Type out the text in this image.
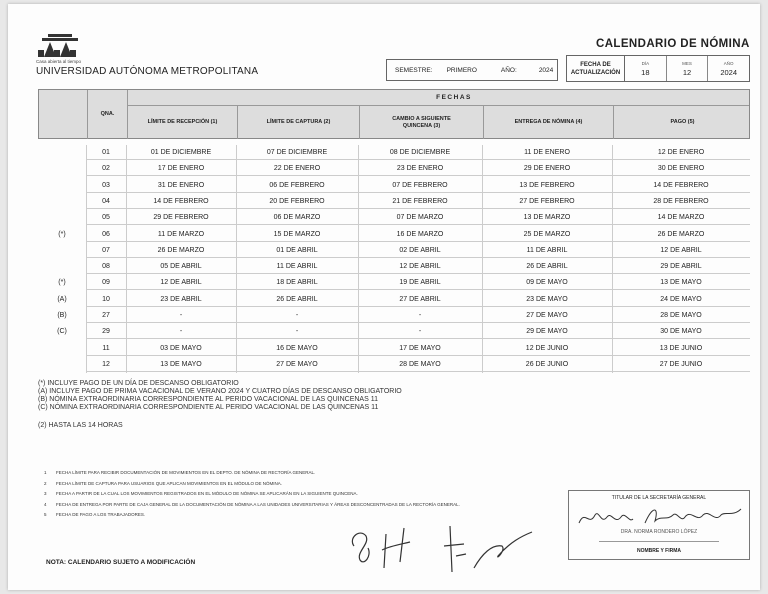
Casa abierta al tiempo
UNIVERSIDAD AUTÓNOMA METROPOLITANA
CALENDARIO DE NÓMINA
SEMESTRE: PRIMERO	AÑO:	2024
FECHA DE
ACTUALIZACIÓN
DÍA
18
MES
12
AÑO
2024
FECHAS
QNA.
LÍMITE DE RECEPCIÓN (1)	LÍMITE DE CAPTURA (2)
CAMBIO A SIGUIENTE QUINCENA (3)
ENTREGA DE NÓMINA (4)	PAGO (5)
01	01 DE DICIEMBRE	07 DE DICIEMBRE	08 DE DICIEMBRE	11 DE ENERO	12 DE ENERO
02	17 DE ENERO	22 DE ENERO	23 DE ENERO	29 DE ENERO	30 DE ENERO
03	31 DE ENERO	06 DE FEBRERO	07 DE FEBRERO	13 DE FEBRERO	14 DE FEBRERO
04	14 DE FEBRERO	20 DE FEBRERO	21 DE FEBRERO	27 DE FEBRERO	28 DE FEBRERO
05	29 DE FEBRERO	06 DE MARZO	07 DE MARZO	13 DE MARZO	14 DE MARZO
(*)	06	11 DE MARZO	15 DE MARZO	16 DE MARZO	25 DE MARZO	26 DE MARZO
07	26 DE MARZO	01 DE ABRIL	02 DE ABRIL	11 DE ABRIL	12 DE ABRIL
08	05 DE ABRIL	11 DE ABRIL	12 DE ABRIL	26 DE ABRIL	29 DE ABRIL
(*)	09	12 DE ABRIL	18 DE ABRIL	19 DE ABRIL	09 DE MAYO	13 DE MAYO
(A)	10	23 DE ABRIL	26 DE ABRIL	27 DE ABRIL	23 DE MAYO	24 DE MAYO
(B)	27	-	-	-	27 DE MAYO	28 DE MAYO
(C)	29	-	-	-	29 DE MAYO	30 DE MAYO
11	03 DE MAYO	16 DE MAYO	17 DE MAYO	12 DE JUNIO	13 DE JUNIO
12	13 DE MAYO	27 DE MAYO	28 DE MAYO	26 DE JUNIO	27 DE JUNIO

(*) INCLUYE PAGO DE UN DÍA DE DESCANSO OBLIGATORIO

(A) INCLUYE PAGO DE PRIMA VACACIONAL DE VERANO 2024 Y CUATRO DÍAS DE DESCANSO OBLIGATORIO

(B) NÓMINA EXTRAORDINARIA CORRESPONDIENTE AL PERIDO VACACIONAL DE LAS QUINCENAS 11

(C) NÓMINA EXTRAORDINARIA CORRESPONDIENTE AL PERIDO VACACIONAL DE LAS QUINCENAS 11

(2) HASTA LAS 14 HORAS

1 FECHA LÍMITE PARA RECIBIR DOCUMENTACIÓN DE MOVIMIENTOS EN EL DEPTO. DE NÓMINA DE RECTORÍA GENERAL.
2 FECHA LÍMITE DE CAPTURA PARA USUARIOS QUE APLICAN MOVIMIENTOS EN EL MÓDULO DE NÓMINA.
3 FECHA A PARTIR DE LA CUAL LOS MOVIMIENTOS REGISTRADOS EN EL MÓDULO DE NÓMINA SE APLICARÁN EN LA SIGUIENTE QUINCENA.
4 FECHA DE ENTREGA POR PARTE DE CAJA GENERAL DE LA DOCUMENTACIÓN DE NÓMINA A LAS UNIDADES UNIVERSITARIAS Y ÁREAS DESCONCENTRADAS DE LA RECTORÍA GENERAL.
5 FECHA DE PAGO A LOS TRABAJADORES.
NOTA: CALENDARIO SUJETO A MODIFICACIÓN
TITULAR DE LA SECRETARÍA GENERAL
DRA. NORMA RONDERO LÓPEZ
NOMBRE Y FIRMA
